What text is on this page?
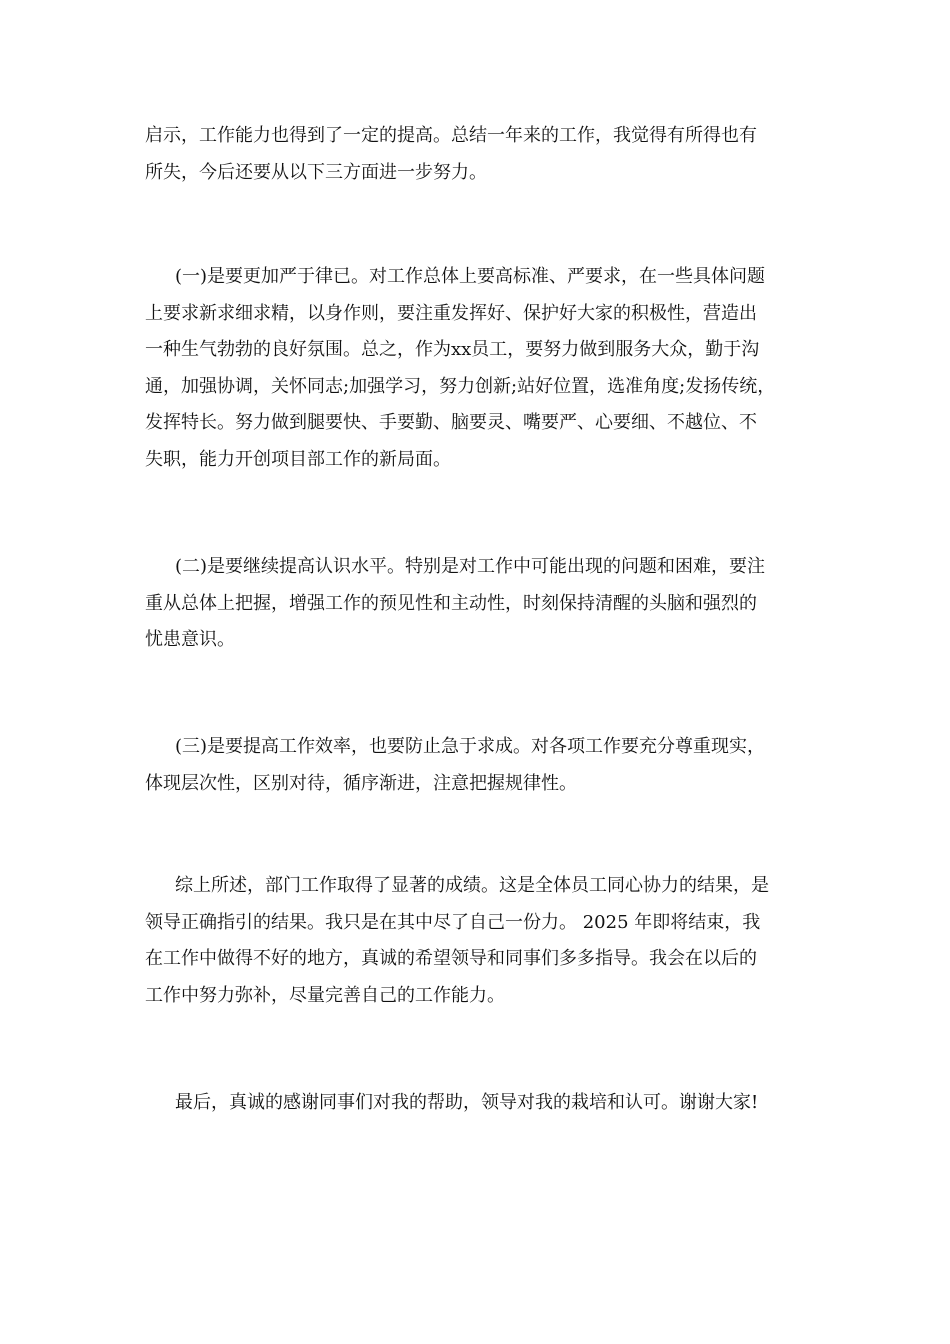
启示，工作能力也得到了一定的提高。总结一年来的工作，我觉得有所得也有
所失，今后还要从以下三方面进一步努力。

(一)是要更加严于律已。对工作总体上要高标准、严要求，在一些具体问题
上要求新求细求精，以身作则，要注重发挥好、保护好大家的积极性，营造出
一种生气勃勃的良好氛围。总之，作为xx员工，要努力做到服务大众，勤于沟
通，加强协调，关怀同志;加强学习，努力创新;站好位置，选准角度;发扬传统，
发挥特长。努力做到腿要快、手要勤、脑要灵、嘴要严、心要细、不越位、不
失职，能力开创项目部工作的新局面。

(二)是要继续提高认识水平。特别是对工作中可能出现的问题和困难，要注
重从总体上把握，增强工作的预见性和主动性，时刻保持清醒的头脑和强烈的
忧患意识。

(三)是要提高工作效率，也要防止急于求成。对各项工作要充分尊重现实，
体现层次性，区别对待，循序渐进，注意把握规律性。

综上所述，部门工作取得了显著的成绩。这是全体员工同心协力的结果，是
领导正确指引的结果。我只是在其中尽了自己一份力。 2025 年即将结束，我
在工作中做得不好的地方，真诚的希望领导和同事们多多指导。我会在以后的
工作中努力弥补，尽量完善自己的工作能力。

最后，真诚的感谢同事们对我的帮助，领导对我的栽培和认可。谢谢大家!
